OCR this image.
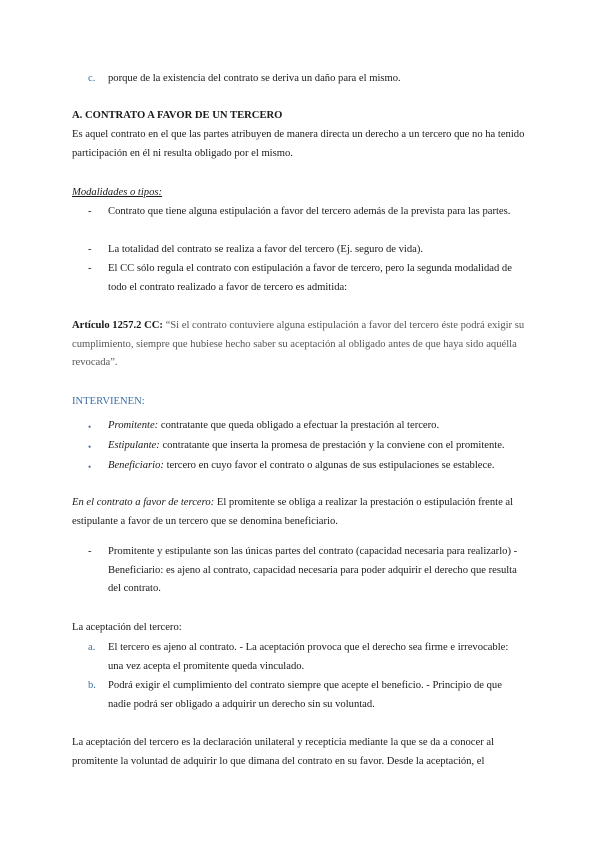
c. porque de la existencia del contrato se deriva un daño para el mismo.

A. CONTRATO A FAVOR DE UN TERCERO

Es aquel contrato en el que las partes atribuyen de manera directa un derecho a un tercero que no ha tenido participación en él ni resulta obligado por el mismo.

Modalidades o tipos:

- Contrato que tiene alguna estipulación a favor del tercero además de la prevista para las partes.

- La totalidad del contrato se realiza a favor del tercero (Ej. seguro de vida).

- El CC sólo regula el contrato con estipulación a favor de tercero, pero la segunda modalidad de todo el contrato realizado a favor de tercero es admitida:

Artículo 1257.2 CC: “Si el contrato contuviere alguna estipulación a favor del tercero éste podrá exigir su cumplimiento, siempre que hubiese hecho saber su aceptación al obligado antes de que haya sido aquélla revocada”.

INTERVIENEN:

• Promitente: contratante que queda obligado a efectuar la prestación al tercero.

• Estipulante: contratante que inserta la promesa de prestación y la conviene con el promitente.

• Beneficiario: tercero en cuyo favor el contrato o algunas de sus estipulaciones se establece.

En el contrato a favor de tercero: El promitente se obliga a realizar la prestación o estipulación frente al estipulante a favor de un tercero que se denomina beneficiario.

- Promitente y estipulante son las únicas partes del contrato (capacidad necesaria para realizarlo) - Beneficiario: es ajeno al contrato, capacidad necesaria para poder adquirir el derecho que resulta del contrato.

La aceptación del tercero:

a. El tercero es ajeno al contrato. - La aceptación provoca que el derecho sea firme e irrevocable: una vez acepta el promitente queda vinculado.

b. Podrá exigir el cumplimiento del contrato siempre que acepte el beneficio. - Principio de que nadie podrá ser obligado a adquirir un derecho sin su voluntad.

La aceptación del tercero es la declaración unilateral y recepticia mediante la que se da a conocer al promitente la voluntad de adquirir lo que dimana del contrato en su favor. Desde la aceptación, el
